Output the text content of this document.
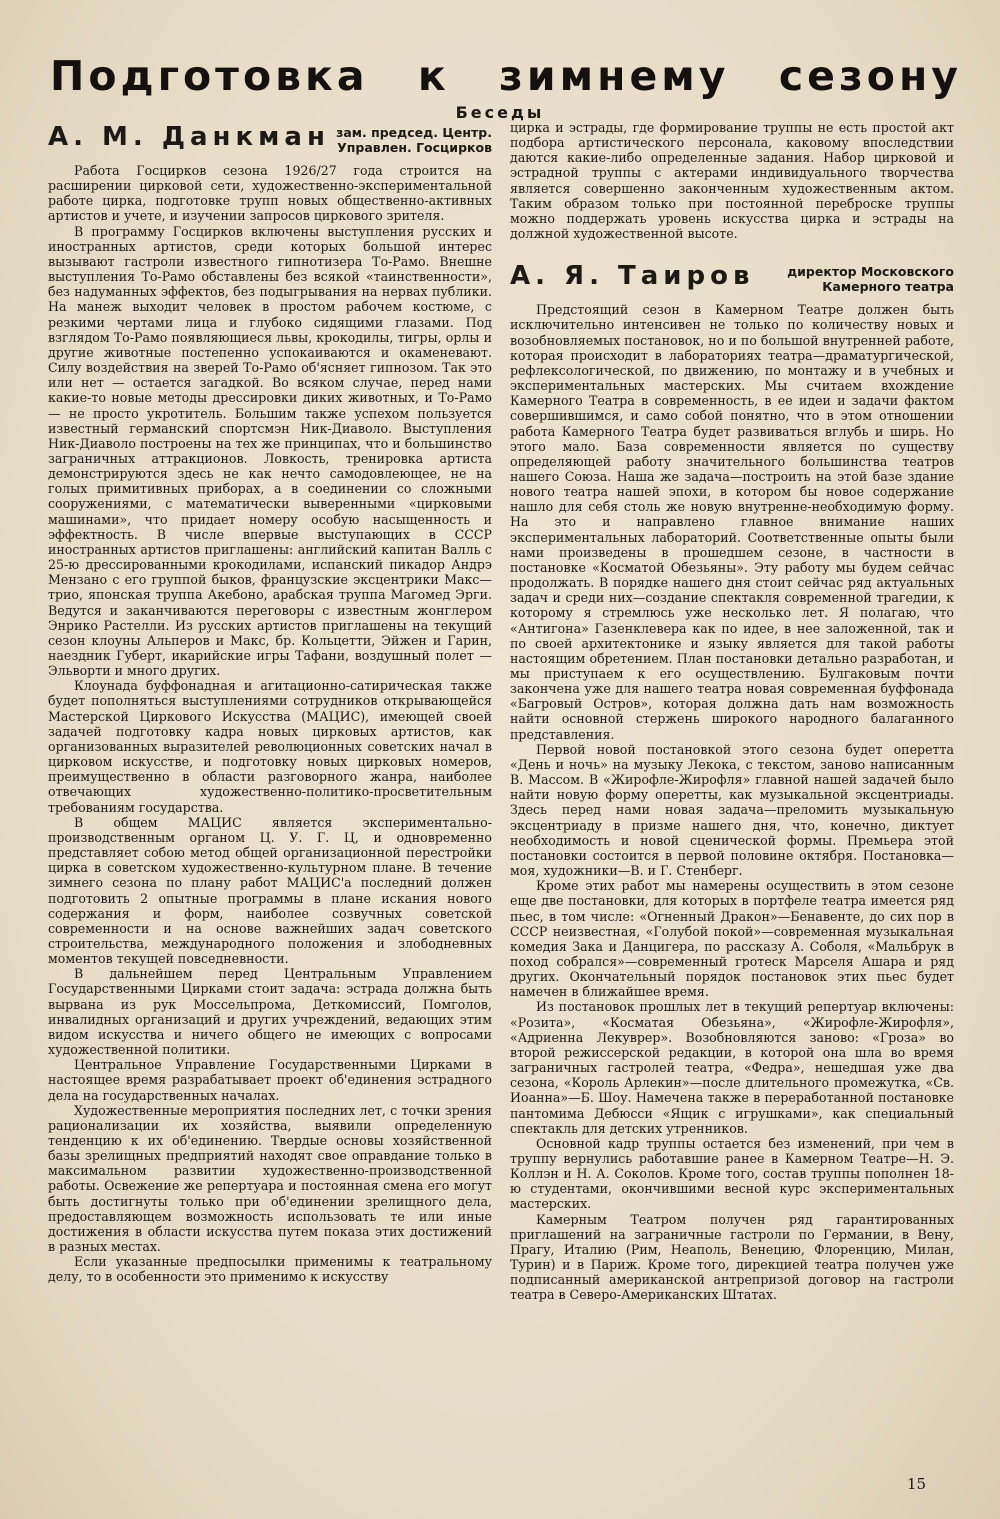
Подготовка к зимнему сезону
Беседы
А. М. Данкман зам. председ. Центр.
Управлен. Госцирков

Работа Госцирков сезона 1926/27 года строится на расширении цирковой сети, художественно-экспериментальной работе цирка, подготовке трупп новых общественно-активных артистов и учете, и изучении запросов циркового зрителя.

В программу Госцирков включены выступления русских и иностранных артистов, среди которых большой интерес вызывают гастроли известного гипнотизера То-Рамо. Внешне выступления То-Рамо обставлены без всякой «таинственности», без надуманных эффектов, без подыгрывания на нервах публики. На манеж выходит человек в простом рабочем костюме, с резкими чертами лица и глубоко сидящими глазами. Под взглядом То-Рамо появляющиеся львы, крокодилы, тигры, орлы и другие животные постепенно успокаиваются и окаменевают. Силу воздействия на зверей То-Рамо об'ясняет гипнозом. Так это или нет — остается загадкой. Во всяком случае, перед нами какие-то новые методы дрессировки диких животных, и То-Рамо — не просто укротитель. Большим также успехом пользуется известный германский спортсмэн Ник-Диаволо. Выступления Ник-Диаволо построены на тех же принципах, что и большинство заграничных аттракционов. Ловкость, тренировка артиста демонстрируются здесь не как нечто самодовлеющее, не на голых примитивных приборах, а в соединении со сложными сооружениями, с математически выверенными «цирковыми машинами», что придает номеру особую насыщенность и эффектность. В числе впервые выступающих в СССР иностранных артистов приглашены: английский капитан Валль с 25-ю дрессированными крокодилами, испанский пикадор Андрэ Мензано с его группой быков, французские эксцентрики Макс—трио, японская труппа Акебоно, арабская труппа Магомед Эрги. Ведутся и заканчиваются переговоры с известным жонглером Энрико Растелли. Из русских артистов приглашены на текущий сезон клоуны Альперов и Макс, бр. Кольцетти, Эйжен и Гарин, наездник Губерт, икарийские игры Тафани, воздушный полет — Эльворти и много других.

Клоунада буффонадная и агитационно-сатирическая также будет пополняться выступлениями сотрудников открывающейся Мастерской Циркового Искусства (МАЦИС), имеющей своей задачей подготовку кадра новых цирковых артистов, как организованных выразителей революционных советских начал в цирковом искусстве, и подготовку новых цирковых номеров, преимущественно в области разговорного жанра, наиболее отвечающих художественно-политико-просветительным требованиям государства.

В общем МАЦИС является экспериментально-производственным органом Ц. У. Г. Ц, и одновременно представляет собою метод общей организационной перестройки цирка в советском художественно-культурном плане. В течение зимнего сезона по плану работ МАЦИС'а последний должен подготовить 2 опытные программы в плане искания нового содержания и форм, наиболее созвучных советской современности и на основе важнейших задач советского строительства, международного положения и злободневных моментов текущей повседневности.

В дальнейшем перед Центральным Управлением Государственными Цирками стоит задача: эстрада должна быть вырвана из рук Моссельпрома, Деткомиссий, Помголов, инвалидных организаций и других учреждений, ведающих этим видом искусства и ничего общего не имеющих с вопросами художественной политики.

Центральное Управление Государственными Цирками в настоящее время разрабатывает проект об'единения эстрадного дела на государственных началах.

Художественные мероприятия последних лет, с точки зрения рационализации их хозяйства, выявили определенную тенденцию к их об'единению. Твердые основы хозяйственной базы зрелищных предприятий находят свое оправдание только в максимальном развитии художественно-производственной работы. Освежение же репертуара и постоянная смена его могут быть достигнуты только при об'единении зрелищного дела, предоставляющем возможность использовать те или иные достижения в области искусства путем показа этих достижений в разных местах.

Если указанные предпосылки применимы к театральному делу, то в особенности это применимо к искусству

цирка и эстрады, где формирование труппы не есть простой акт подбора артистического персонала, каковому впоследствии даются какие-либо определенные задания. Набор цирковой и эстрадной труппы с актерами индивидуального творчества является совершенно законченным художественным актом. Таким образом только при постоянной переброске труппы можно поддержать уровень искусства цирка и эстрады на должной художественной высоте.

А. Я. Таиров	директор Московского
Камерного театра

Предстоящий сезон в Камерном Театре должен быть исключительно интенсивен не только по количеству новых и возобновляемых постановок, но и по большой внутренней работе, которая происходит в лабораториях театра—драматургической, рефлексологической, по движению, по монтажу и в учебных и экспериментальных мастерских. Мы считаем вхождение Камерного Театра в современность, в ее идеи и задачи фактом совершившимся, и само собой понятно, что в этом отношении работа Камерного Театра будет развиваться вглубь и ширь. Но этого мало. База современности является по существу определяющей работу значительного большинства театров нашего Союза. Наша же задача—построить на этой базе здание нового театра нашей эпохи, в котором бы новое содержание нашло для себя столь же новую внутренне-необходимую форму. На это и направлено главное внимание наших экспериментальных лабораторий. Соответственные опыты были нами произведены в прошедшем сезоне, в частности в постановке «Косматой Обезьяны». Эту работу мы будем сейчас продолжать. В порядке нашего дня стоит сейчас ряд актуальных задач и среди них—создание спектакля современной трагедии, к которому я стремлюсь уже несколько лет. Я полагаю, что «Антигона» Газенклевера как по идее, в нее заложенной, так и по своей архитектонике и языку является для такой работы настоящим обретением. План постановки детально разработан, и мы приступаем к его осуществлению. Булгаковым почти закончена уже для нашего театра новая современная буффонада «Багровый Остров», которая должна дать нам возможность найти основной стержень широкого народного балаганного представления.

Первой новой постановкой этого сезона будет оперетта «День и ночь» на музыку Лекока, с текстом, заново написанным В. Массом. В «Жирофле-Жирофля» главной нашей задачей было найти новую форму оперетты, как музыкальной эксцентриады. Здесь перед нами новая задача—преломить музыкальную эксцентриаду в призме нашего дня, что, конечно, диктует необходимость и новой сценической формы. Премьера этой постановки состоится в первой половине октября. Постановка—моя, художники—В. и Г. Стенберг.

Кроме этих работ мы намерены осуществить в этом сезоне еще две постановки, для которых в портфеле театра имеется ряд пьес, в том числе: «Огненный Дракон»—Бенавенте, до сих пор в СССР неизвестная, «Голубой покой»—современная музыкальная комедия Зака и Данцигера, по рассказу А. Соболя, «Мальбрук в поход собрался»—современный гротеск Марселя Ашара и ряд других. Окончательный порядок постановок этих пьес будет намечен в ближайшее время.

Из постановок прошлых лет в текущий репертуар включены: «Розита», «Косматая Обезьяна», «Жирофле-Жирофля», «Адриенна Лекуврер». Возобновляются заново: «Гроза» во второй режиссерской редакции, в которой она шла во время заграничных гастролей театра, «Федра», нешедшая уже два сезона, «Король Арлекин»—после длительного промежутка, «Св. Иоанна»—Б. Шоу. Намечена также в переработанной постановке пантомима Дебюсси «Ящик с игрушками», как специальный спектакль для детских утренников.

Основной кадр труппы остается без изменений, при чем в труппу вернулись работавшие ранее в Камерном Театре—Н. Э. Коллэн и Н. А. Соколов. Кроме того, состав труппы пополнен 18-ю студентами, окончившими весной курс экспериментальных мастерских.

Камерным Театром получен ряд гарантированных приглашений на заграничные гастроли по Германии, в Вену, Прагу, Италию (Рим, Неаполь, Венецию, Флоренцию, Милан, Турин) и в Париж. Кроме того, дирекцией театра получен уже подписанный американской антрепризой договор на гастроли театра в Северо-Американских Штатах.

15
